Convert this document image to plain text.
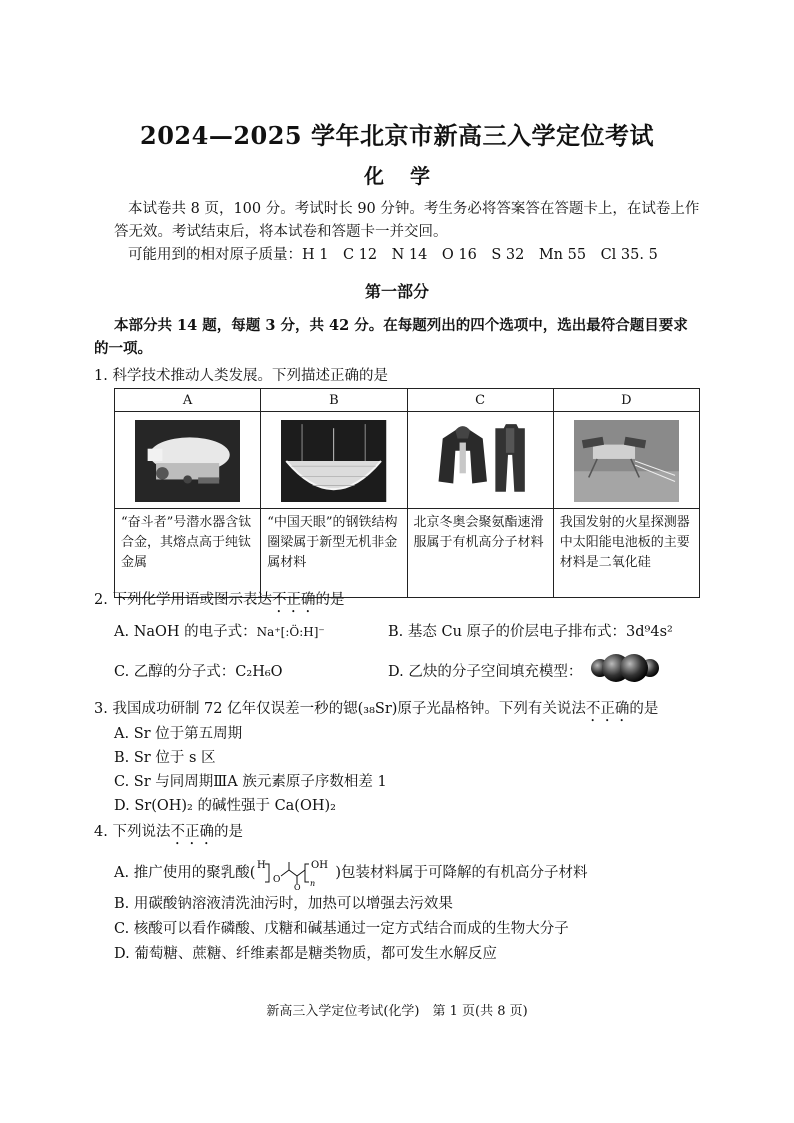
2024—2025 学年北京市新高三入学定位考试
化学
本试卷共 8 页，100 分。考试时长 90 分钟。考生务必将答案答在答题卡上，在试卷上作
答无效。考试结束后，将本试卷和答题卡一并交回。
可能用到的相对原子质量：H 1　C 12　N 14　O 16　S 32　Mn 55　Cl 35. 5
第一部分
本部分共 14 题，每题 3 分，共 42 分。在每题列出的四个选项中，选出最符合题目要求
的一项。
1. 科学技术推动人类发展。下列描述正确的是
A	B	C	D

“奋斗者”号潜水器含钛合金，其熔点高于纯钛金属	“中国天眼”的钢铁结构圈梁属于新型无机非金属材料	北京冬奥会聚氨酯速滑服属于有机高分子材料	我国发射的火星探测器中太阳能电池板的主要材料是二氧化硅
2. 下列化学用语或图示表达不正确的是
A. NaOH 的电子式：Na⁺[:Ö:H]⁻	B. 基态 Cu 原子的价层电子排布式：3d⁹4s²
C. 乙醇的分子式：C₂H₆O	D. 乙炔的分子空间填充模型：
3. 我国成功研制 72 亿年仅误差一秒的锶(₃₈Sr)原子光晶格钟。下列有关说法不正确的是
A. Sr 位于第五周期
B. Sr 位于 s 区
C. Sr 与同周期ⅢA 族元素原子序数相差 1
D. Sr(OH)₂ 的碱性强于 Ca(OH)₂
4. 下列说法不正确的是
A. 推广使用的聚乳酸( H
O
O n
OH )包装材料属于可降解的有机高分子材料
B. 用碳酸钠溶液清洗油污时，加热可以增强去污效果
C. 核酸可以看作磷酸、戊糖和碱基通过一定方式结合而成的生物大分子
D. 葡萄糖、蔗糖、纤维素都是糖类物质，都可发生水解反应
新高三入学定位考试(化学)　第 1 页(共 8 页)
